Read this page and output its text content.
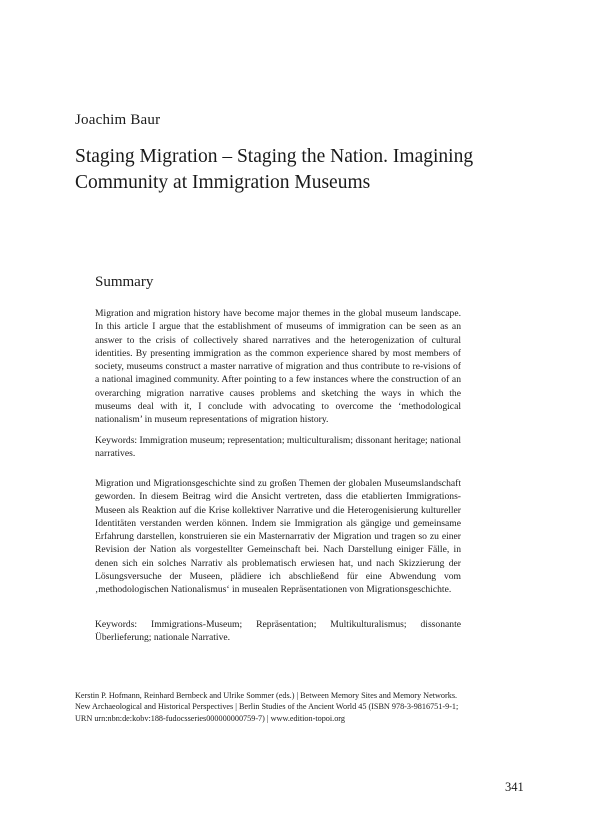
Joachim Baur
Staging Migration – Staging the Nation. Imagining Community at Immigration Museums
Summary

Migration and migration history have become major themes in the global museum landscape. In this article I argue that the establishment of museums of immigration can be seen as an answer to the crisis of collectively shared narratives and the heterogenization of cultural identities. By presenting immigration as the common experience shared by most members of society, museums construct a master narrative of migration and thus contribute to re-visions of a national imagined community. After pointing to a few instances where the construction of an overarching migration narrative causes problems and sketching the ways in which the museums deal with it, I conclude with advocating to overcome the ‘methodological nationalism’ in museum representations of migration history.

Keywords: Immigration museum; representation; multiculturalism; dissonant heritage; national narratives.

Migration und Migrationsgeschichte sind zu großen Themen der globalen Museumslandschaft geworden. In diesem Beitrag wird die Ansicht vertreten, dass die etablierten Immigrations-Museen als Reaktion auf die Krise kollektiver Narrative und die Heterogenisierung kultureller Identitäten verstanden werden können. Indem sie Immigration als gängige und gemeinsame Erfahrung darstellen, konstruieren sie ein Masternarrativ der Migration und tragen so zu einer Revision der Nation als vorgestellter Gemeinschaft bei. Nach Darstellung einiger Fälle, in denen sich ein solches Narrativ als problematisch erwiesen hat, und nach Skizzierung der Lösungsversuche der Museen, plädiere ich abschließend für eine Abwendung vom ‚methodologischen Nationalismus‘ in musealen Repräsentationen von Migrationsgeschichte.

Keywords: Immigrations-Museum; Repräsentation; Multikulturalismus; dissonante Überlieferung; nationale Narrative.

Kerstin P. Hofmann, Reinhard Bernbeck and Ulrike Sommer (eds.) | Between Memory Sites and Memory Networks. New Archaeological and Historical Perspectives | Berlin Studies of the Ancient World 45 (ISBN 978-3-9816751-9-1; URN urn:nbn:de:kobv:188-fudocsseries000000000759-7) | www.edition-topoi.org

341
